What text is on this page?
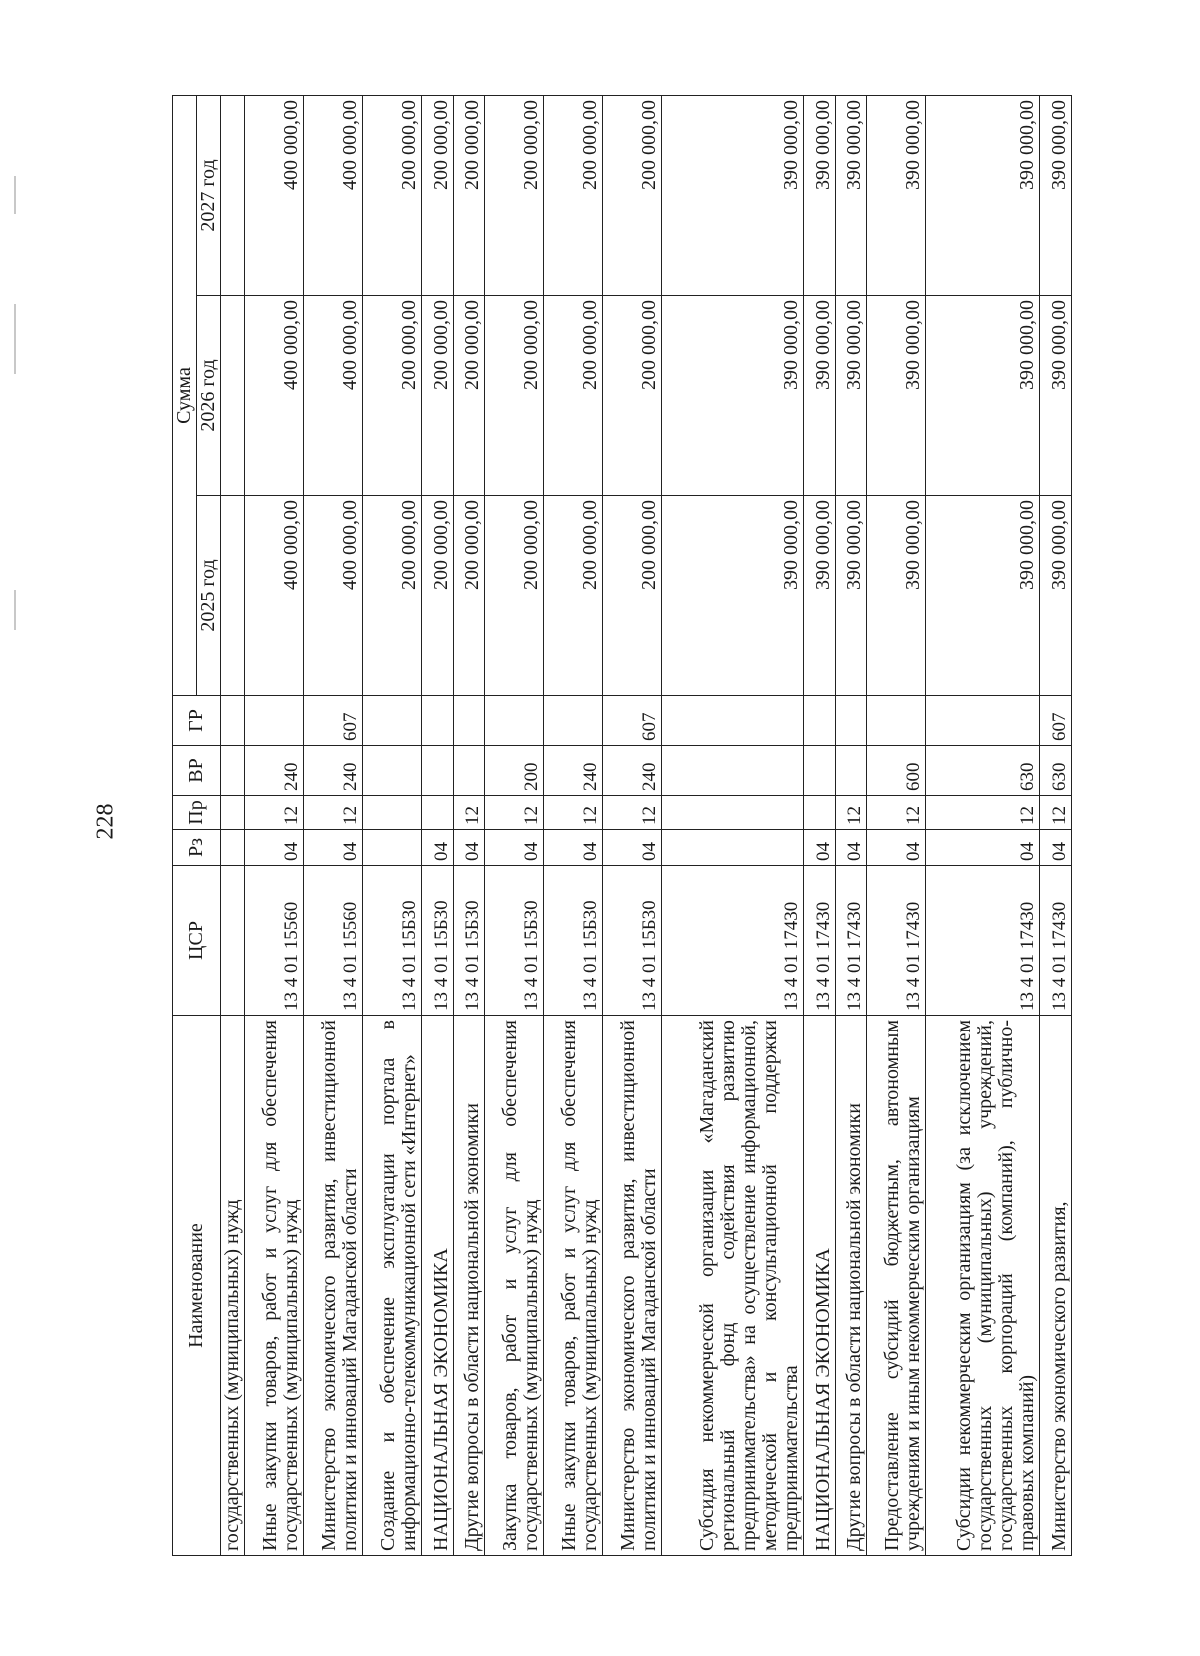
228
Наименование	ЦСР	Рз	Пр	ВР	ГР	Сумма		
						2025 год	2026 год	2027 год
государственных (муниципальных) нужд								
Иные закупки товаров, работ и услуг для обеспечения государственных (муниципальных) нужд	13 4 01 15560	04	12	240		400 000,00	400 000,00	400 000,00
Министерство экономического развития, инвестиционной политики и инноваций Магаданской области	13 4 01 15560	04	12	240	607	400 000,00	400 000,00	400 000,00
Создание и обеспечение эксплуатации портала в информационно-телекоммуникационной сети «Интернет»	13 4 01 15Б30					200 000,00	200 000,00	200 000,00
НАЦИОНАЛЬНАЯ ЭКОНОМИКА	13 4 01 15Б30	04				200 000,00	200 000,00	200 000,00
Другие вопросы в области национальной экономики	13 4 01 15Б30	04	12			200 000,00	200 000,00	200 000,00
Закупка товаров, работ и услуг для обеспечения государственных (муниципальных) нужд	13 4 01 15Б30	04	12	200		200 000,00	200 000,00	200 000,00
Иные закупки товаров, работ и услуг для обеспечения государственных (муниципальных) нужд	13 4 01 15Б30	04	12	240		200 000,00	200 000,00	200 000,00
Министерство экономического развития, инвестиционной политики и инноваций Магаданской области	13 4 01 15Б30	04	12	240	607	200 000,00	200 000,00	200 000,00
Субсидия некоммерческой организации «Магаданский региональный фонд содействия развитию предпринимательства» на осуществление информационной, методической и консультационной поддержки предпринимательства	13 4 01 17430					390 000,00	390 000,00	390 000,00
НАЦИОНАЛЬНАЯ ЭКОНОМИКА	13 4 01 17430	04				390 000,00	390 000,00	390 000,00
Другие вопросы в области национальной экономики	13 4 01 17430	04	12			390 000,00	390 000,00	390 000,00
Предоставление субсидий бюджетным, автономным учреждениям и иным некоммерческим организациям	13 4 01 17430	04	12	600		390 000,00	390 000,00	390 000,00
Субсидии некоммерческим организациям (за исключением государственных (муниципальных) учреждений, государственных корпораций (компаний), публично-правовых компаний)	13 4 01 17430	04	12	630		390 000,00	390 000,00	390 000,00
Министерство экономического развития,	13 4 01 17430	04	12	630	607	390 000,00	390 000,00	390 000,00
